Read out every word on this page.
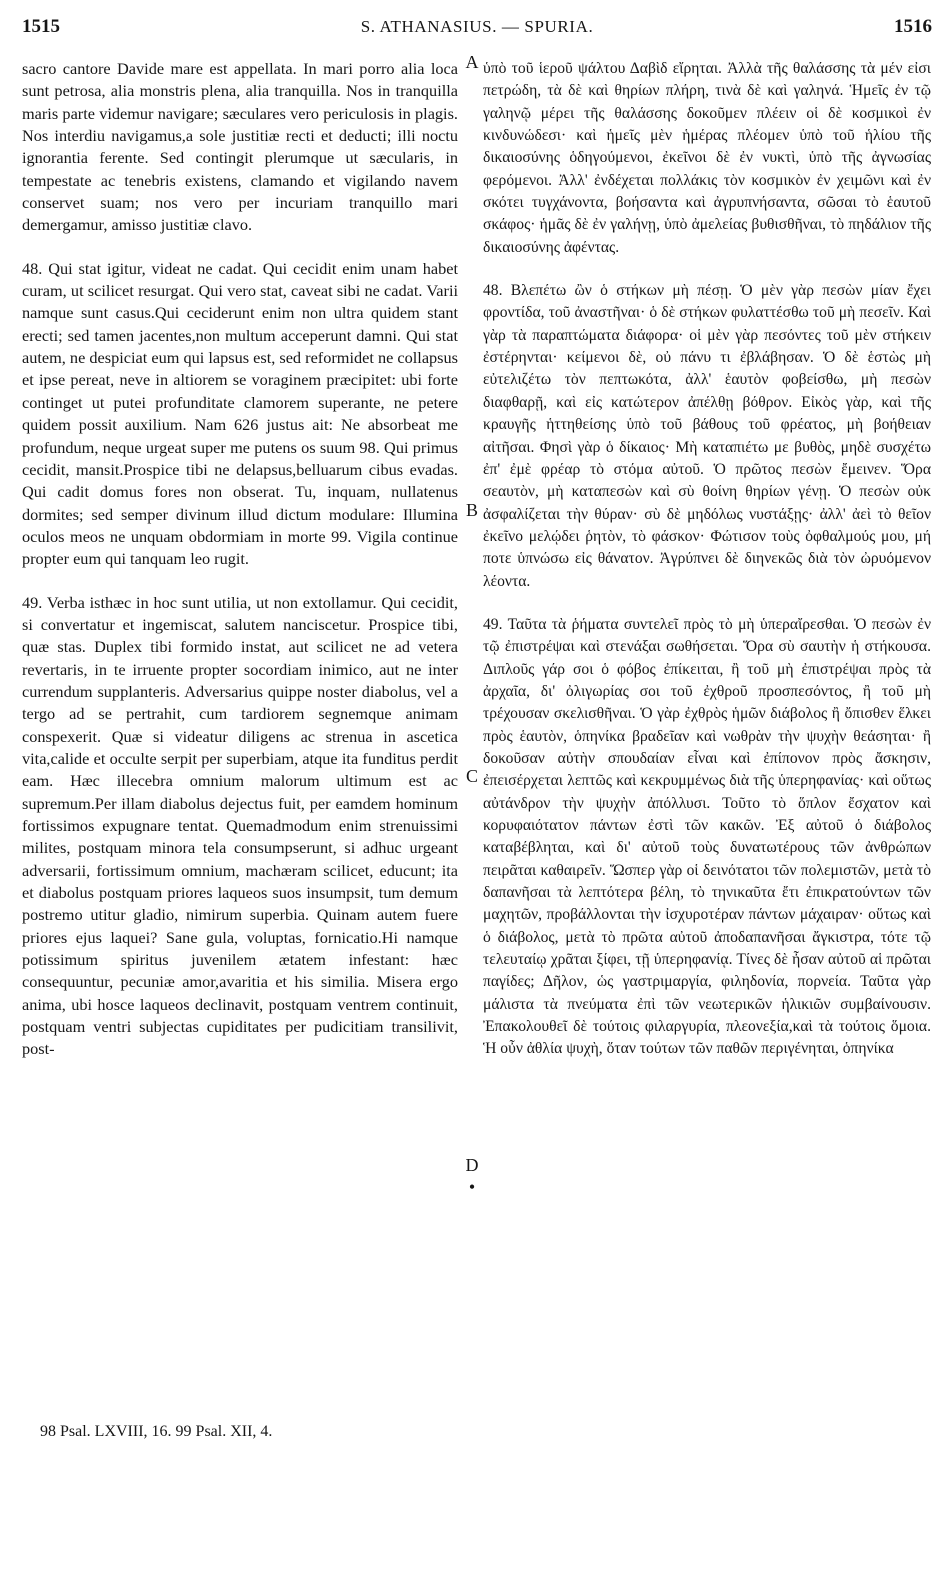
1515	S. ATHANASIUS. — SPURIA.	1516

sacro cantore Davide mare est appellata. In mari porro alia loca sunt petrosa, alia monstris plena, alia tranquilla. Nos in tranquilla maris parte videmur navigare; sæculares vero periculosis in plagis. Nos interdiu navigamus,a sole justitiæ recti et deducti; illi noctu ignorantia ferente. Sed contingit plerumque ut sæcularis, in tempestate ac tenebris existens, clamando et vigilando navem conservet suam; nos vero per incuriam tranquillo mari demergamur, amisso justitiæ clavo.

48. Qui stat igitur, videat ne cadat. Qui cecidit enim unam habet curam, ut scilicet resurgat. Qui vero stat, caveat sibi ne cadat. Varii namque sunt casus.Qui ceciderunt enim non ultra quidem stant erecti; sed tamen jacentes,non multum acceperunt damni. Qui stat autem, ne despiciat eum qui lapsus est, sed reformidet ne collapsus et ipse pereat, neve in altiorem se voraginem præcipitet: ubi forte continget ut putei profunditate clamorem superante, ne petere quidem possit auxilium. Nam 626 justus ait: Ne absorbeat me profundum, neque urgeat super me putens os suum 98. Qui primus cecidit, mansit.Prospice tibi ne delapsus,belluarum cibus evadas. Qui cadit domus fores non obserat. Tu, inquam, nullatenus dormites; sed semper divinum illud dictum modulare: Illumina oculos meos ne unquam obdormiam in morte 99. Vigila continue propter eum qui tanquam leo rugit.

49. Verba isthæc in hoc sunt utilia, ut non extollamur. Qui cecidit, si convertatur et ingemiscat, salutem nanciscetur. Prospice tibi, quæ stas. Duplex tibi formido instat, aut scilicet ne ad vetera revertaris, in te irruente propter socordiam inimico, aut ne inter currendum supplanteris. Adversarius quippe noster diabolus, vel a tergo ad se pertrahit, cum tardiorem segnemque animam conspexerit. Quæ si videatur diligens ac strenua in ascetica vita,calide et occulte serpit per superbiam, atque ita funditus perdit eam. Hæc illecebra omnium malorum ultimum est ac supremum.Per illam diabolus dejectus fuit, per eamdem hominum fortissimos expugnare tentat. Quemadmodum enim strenuissimi milites, postquam minora tela consumpserunt, si adhuc urgeant adversarii, fortissimum omnium, machæram scilicet, educunt; ita et diabolus postquam priores laqueos suos insumpsit, tum demum postremo utitur gladio, nimirum superbia. Quinam autem fuere priores ejus laquei? Sane gula, voluptas, fornicatio.Hi namque potissimum spiritus juvenilem ætatem infestant: hæc consequuntur, pecuniæ amor,avaritia et his similia. Misera ergo anima, ubi hosce laqueos declinavit, postquam ventrem continuit, postquam ventri subjectas cupiditates per pudicitiam transilivit, post-

ὑπὸ τοῦ ἱεροῦ ψάλτου Δαβὶδ εἴρηται. Ἀλλὰ τῆς θαλάσσης τὰ μέν εἰσι πετρώδη, τὰ δὲ καὶ θηρίων πλήρη, τινὰ δὲ καὶ γαληνά. Ἡμεῖς ἐν τῷ γαληνῷ μέρει τῆς θαλάσσης δοκοῦμεν πλέειν οἱ δὲ κοσμικοὶ ἐν κινδυνώδεσι· καὶ ἡμεῖς μὲν ἡμέρας πλέομεν ὑπὸ τοῦ ἡλίου τῆς δικαιοσύνης ὁδηγούμενοι, ἐκεῖνοι δὲ ἐν νυκτὶ, ὑπὸ τῆς ἀγνωσίας φερόμενοι. Ἀλλ' ἐνδέχεται πολλάκις τὸν κοσμικὸν ἐν χειμῶνι καὶ ἐν σκότει τυγχάνοντα, βοήσαντα καὶ ἀγρυπνήσαντα, σῶσαι τὸ ἑαυτοῦ σκάφος· ἡμᾶς δὲ ἐν γαλήνῃ, ὑπὸ ἀμελείας βυθισθῆναι, τὸ πηδάλιον τῆς δικαιοσύνης ἀφέντας.

48. Βλεπέτω ὢν ὁ στήκων μὴ πέσῃ. Ὁ μὲν γὰρ πεσὼν μίαν ἔχει φροντίδα, τοῦ ἀναστῆναι· ὁ δὲ στήκων φυλαττέσθω τοῦ μὴ πεσεῖν. Καὶ γὰρ τὰ παραπτώματα διάφορα· οἱ μὲν γὰρ πεσόντες τοῦ μὲν στήκειν ἐστέρηνται· κείμενοι δὲ, οὐ πάνυ τι ἐβλάβησαν. Ὁ δὲ ἑστὼς μὴ εὐτελιζέτω τὸν πεπτωκότα, ἀλλ' ἑαυτὸν φοβείσθω, μὴ πεσὼν διαφθαρῇ, καὶ εἰς κατώτερον ἀπέλθῃ βόθρον. Εἰκὸς γὰρ, καὶ τῆς κραυγῆς ἡττηθείσης ὑπὸ τοῦ βάθους τοῦ φρέατος, μὴ βοήθειαν αἰτῆσαι. Φησὶ γὰρ ὁ δίκαιος· Μὴ καταπιέτω με βυθὸς, μηδὲ συσχέτω ἐπ' ἐμὲ φρέαρ τὸ στόμα αὐτοῦ. Ὁ πρῶτος πεσὼν ἔμεινεν. Ὅρα σεαυτὸν, μὴ καταπεσὼν καὶ σὺ θοίνη θηρίων γένῃ. Ὁ πεσὼν οὐκ ἀσφαλίζεται τὴν θύραν· σὺ δὲ μηδόλως νυστάξῃς· ἀλλ' ἀεὶ τὸ θεῖον ἐκεῖνο μελῴδει ῥητὸν, τὸ φάσκον· Φώτισον τοὺς ὀφθαλμούς μου, μή ποτε ὑπνώσω εἰς θάνατον. Ἀγρύπνει δὲ διηνεκῶς διὰ τὸν ὠρυόμενον λέοντα.

49. Ταῦτα τὰ ῥήματα συντελεῖ πρὸς τὸ μὴ ὑπεραἴρεσθαι. Ὁ πεσὼν ἐν τῷ ἐπιστρέψαι καὶ στενάξαι σωθήσεται. Ὅρα σὺ σαυτὴν ἡ στήκουσα. Διπλοῦς γάρ σοι ὁ φόβος ἐπίκειται, ἢ τοῦ μὴ ἐπιστρέψαι πρὸς τὰ ἀρχαῖα, δι' ὀλιγωρίας σοι τοῦ ἐχθροῦ προσπεσόντος, ἢ τοῦ μὴ τρέχουσαν σκελισθῆναι. Ὁ γὰρ ἐχθρὸς ἡμῶν διάβολος ἢ ὄπισθεν ἕλκει πρὸς ἑαυτὸν, ὁπηνίκα βραδεῖαν καὶ νωθρὰν τὴν ψυχὴν θεάσηται· ἢ δοκοῦσαν αὐτὴν σπουδαίαν εἶναι καὶ ἐπίπονον πρὸς ἄσκησιν, ἐπεισέρχεται λεπτῶς καὶ κεκρυμμένως διὰ τῆς ὑπερηφανίας· καὶ οὕτως αὐτάνδρον τὴν ψυχὴν ἀπόλλυσι. Τοῦτο τὸ ὅπλον ἔσχατον καὶ κορυφαιότατον πάντων ἐστὶ τῶν κακῶν. Ἐξ αὐτοῦ ὁ διάβολος καταβέβληται, καὶ δι' αὐτοῦ τοὺς δυνατωτέρους τῶν ἀνθρώπων πειρᾶται καθαιρεῖν. Ὥσπερ γὰρ οἱ δεινότατοι τῶν πολεμιστῶν, μετὰ τὸ δαπανῆσαι τὰ λεπτότερα βέλη, τὸ τηνικαῦτα ἔτι ἐπικρατούντων τῶν μαχητῶν, προβάλλονται τὴν ἰσχυροτέραν πάντων μάχαιραν· οὕτως καὶ ὁ διάβολος, μετὰ τὸ πρῶτα αὐτοῦ ἀποδαπανῆσαι ἄγκιστρα, τότε τῷ τελευταίῳ χρᾶται ξίφει, τῇ ὑπερηφανίᾳ. Τίνες δὲ ἦσαν αὐτοῦ αἱ πρῶται παγίδες; Δῆλον, ὡς γαστριμαργία, φιληδονία, πορνεία. Ταῦτα γὰρ μάλιστα τὰ πνεύματα ἐπὶ τῶν νεωτερικῶν ἡλικιῶν συμβαίνουσιν. Ἐπακολουθεῖ δὲ τούτοις φιλαργυρία, πλεονεξία,καὶ τὰ τούτοις ὅμοια. Ἡ οὖν ἀθλία ψυχὴ, ὅταν τούτων τῶν παθῶν περιγένηται, ὁπηνίκα

A
B
C
D
•
98 Psal. LXVIII, 16. 99 Psal. XII, 4.
